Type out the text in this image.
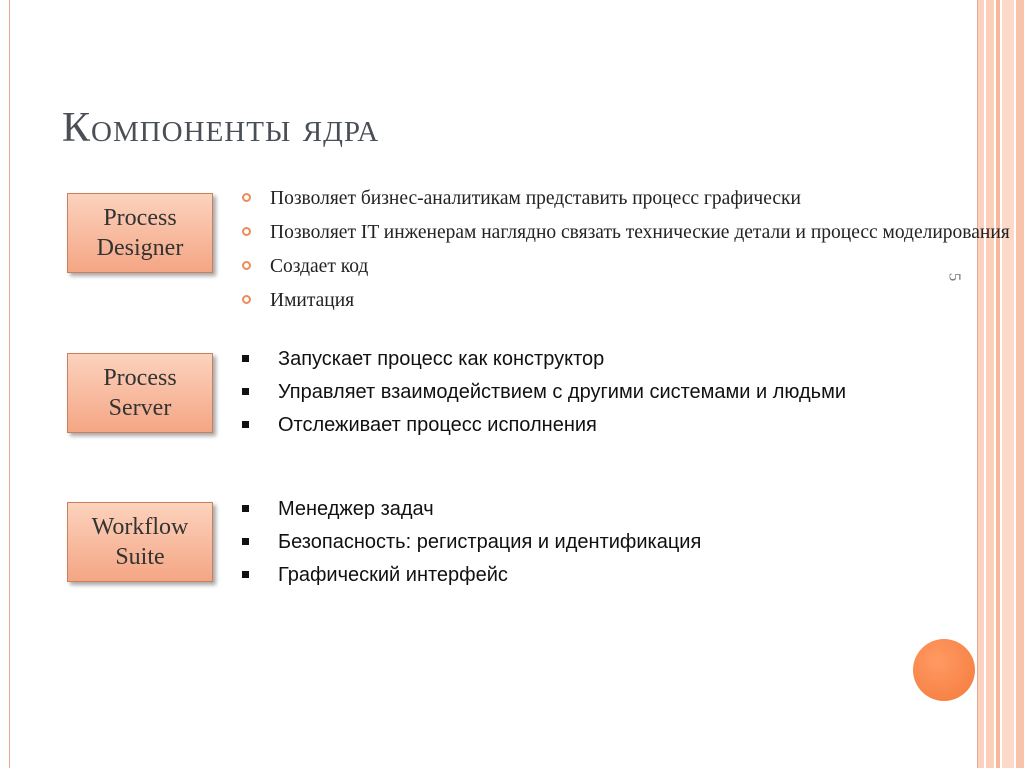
Компоненты ядра
5
Process Designer
Позволяет бизнес-аналитикам представить процесс графически
Позволяет IT инженерам наглядно связать технические детали и процесс моделирования
Создает код
Имитация
Process Server
Запускает процесс как конструктор
Управляет взаимодействием с другими системами и людьми
Отслеживает процесс исполнения
Workflow Suite
Менеджер задач
Безопасность: регистрация и идентификация
Графический интерфейс
